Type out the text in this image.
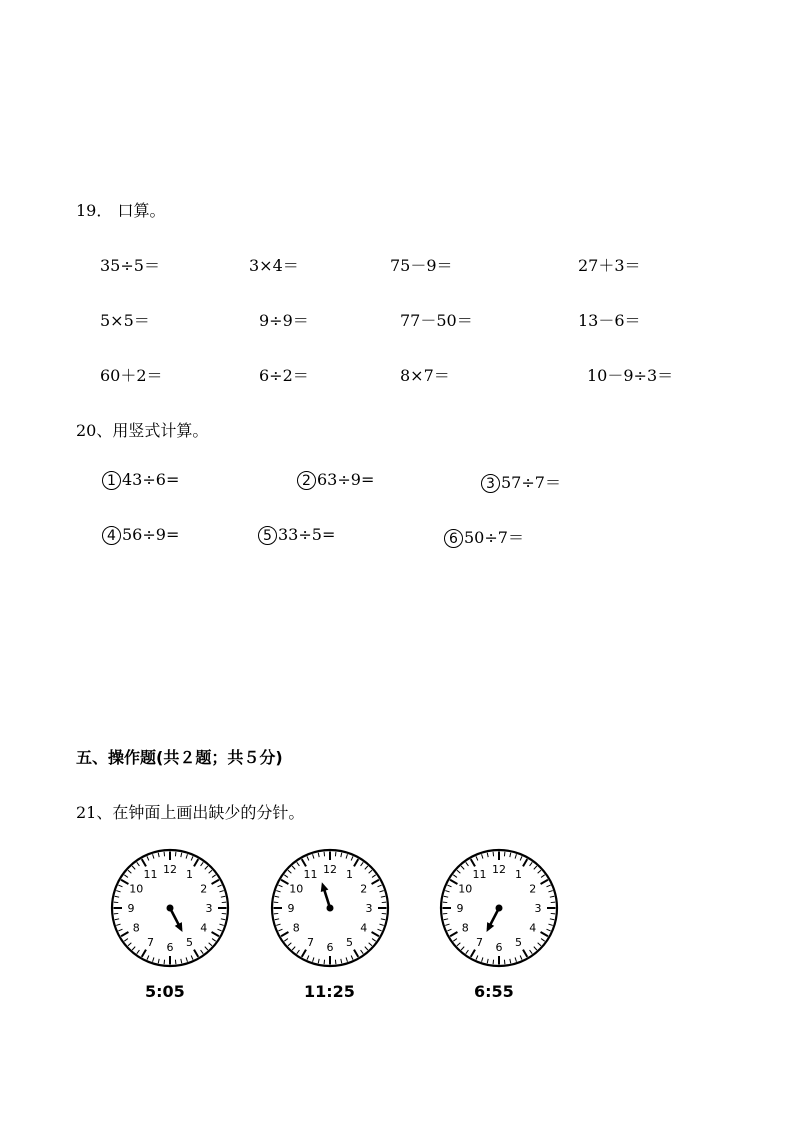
19． 口算。
35÷5＝	3×4＝	75－9＝	27＋3＝
5×5＝	9÷9＝	77－50＝	13－6＝
60＋2＝	6÷2＝	8×7＝	10－9÷3＝
20、用竖式计算。
1 43÷6=	2 63÷9=	3 57÷7＝
4 56÷9=	5 33÷5=	6 50÷7＝
五、操作题(共２题；共５分)
21、在钟面上画出缺少的分针。
12 1
2
3
4
5
6
7
8
9
10
11	12 1
2
3
4
5
6
7
8
9
10
11	12 1
2
3
4
5
6
7
8
9
10
11
5:05	11:25	6:55
